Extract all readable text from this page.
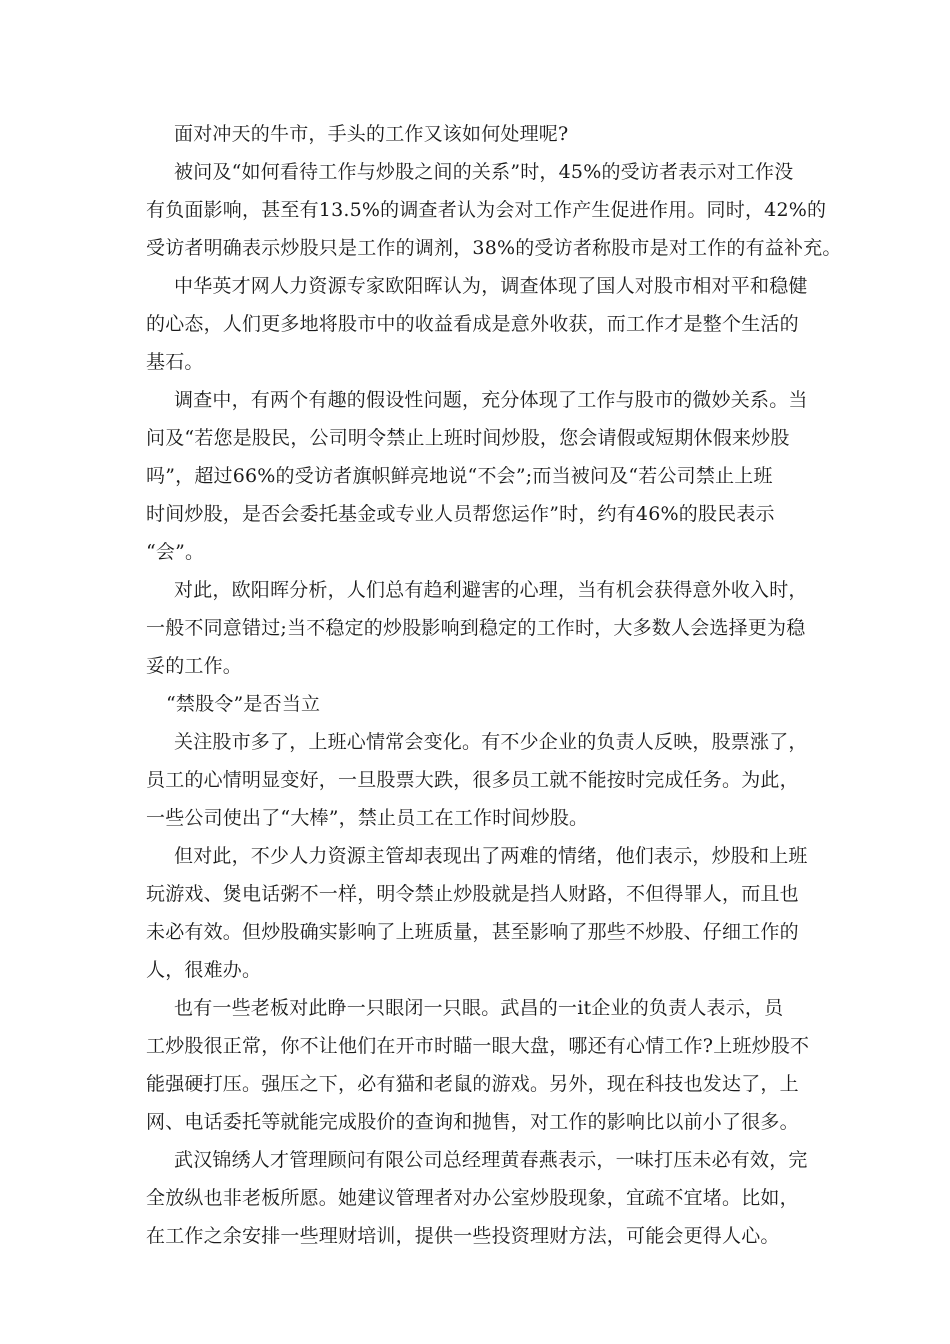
面对冲天的牛市，手头的工作又该如何处理呢?
被问及“如何看待工作与炒股之间的关系”时，45%的受访者表示对工作没
有负面影响，甚至有13.5%的调查者认为会对工作产生促进作用。同时，42%的
受访者明确表示炒股只是工作的调剂，38%的受访者称股市是对工作的有益补充。
中华英才网人力资源专家欧阳晖认为，调查体现了国人对股市相对平和稳健
的心态，人们更多地将股市中的收益看成是意外收获，而工作才是整个生活的
基石。
调查中，有两个有趣的假设性问题，充分体现了工作与股市的微妙关系。当
问及“若您是股民，公司明令禁止上班时间炒股，您会请假或短期休假来炒股
吗”，超过66%的受访者旗帜鲜亮地说“不会”;而当被问及“若公司禁止上班
时间炒股，是否会委托基金或专业人员帮您运作”时，约有46%的股民表示
“会”。
对此，欧阳晖分析，人们总有趋利避害的心理，当有机会获得意外收入时，
一般不同意错过;当不稳定的炒股影响到稳定的工作时，大多数人会选择更为稳
妥的工作。
“禁股令”是否当立
关注股市多了，上班心情常会变化。有不少企业的负责人反映，股票涨了，
员工的心情明显变好，一旦股票大跌，很多员工就不能按时完成任务。为此，
一些公司使出了“大棒”，禁止员工在工作时间炒股。
但对此，不少人力资源主管却表现出了两难的情绪，他们表示，炒股和上班
玩游戏、煲电话粥不一样，明令禁止炒股就是挡人财路，不但得罪人，而且也
未必有效。但炒股确实影响了上班质量，甚至影响了那些不炒股、仔细工作的
人，很难办。
也有一些老板对此睁一只眼闭一只眼。武昌的一it企业的负责人表示，员
工炒股很正常，你不让他们在开市时瞄一眼大盘，哪还有心情工作?上班炒股不
能强硬打压。强压之下，必有猫和老鼠的游戏。另外，现在科技也发达了，上
网、电话委托等就能完成股价的查询和抛售，对工作的影响比以前小了很多。
武汉锦绣人才管理顾问有限公司总经理黄春燕表示，一味打压未必有效，完
全放纵也非老板所愿。她建议管理者对办公室炒股现象，宜疏不宜堵。比如，
在工作之余安排一些理财培训，提供一些投资理财方法，可能会更得人心。
